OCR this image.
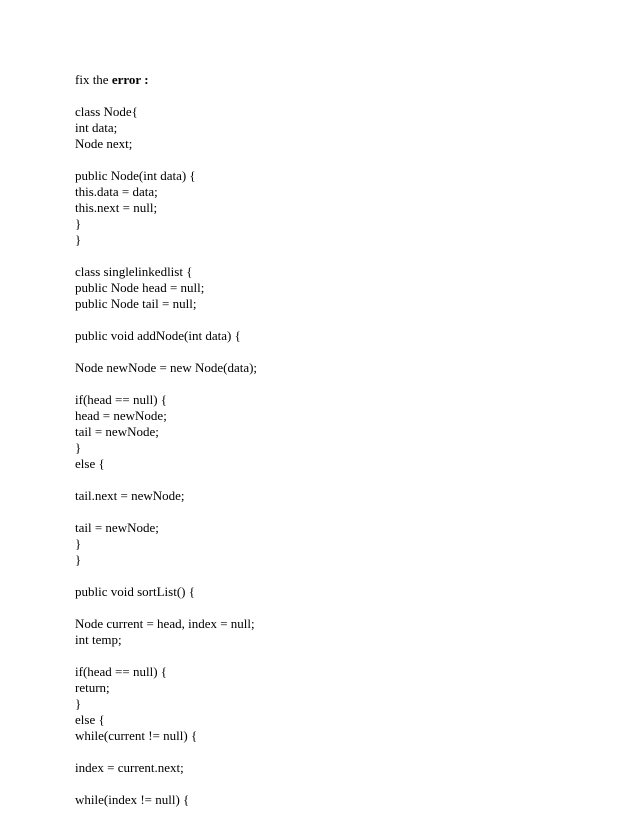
fix the error :
class Node{
int data;
Node next;
public Node(int data) {
this.data = data;
this.next = null;
}
}
class singlelinkedlist {
public Node head = null;
public Node tail = null;
public void addNode(int data) {
Node newNode = new Node(data);
if(head == null) {
head = newNode;
tail = newNode;
}
else {
tail.next = newNode;
tail = newNode;
}
}
public void sortList() {
Node current = head, index = null;
int temp;
if(head == null) {
return;
}
else {
while(current != null) {
index = current.next;
while(index != null) {
